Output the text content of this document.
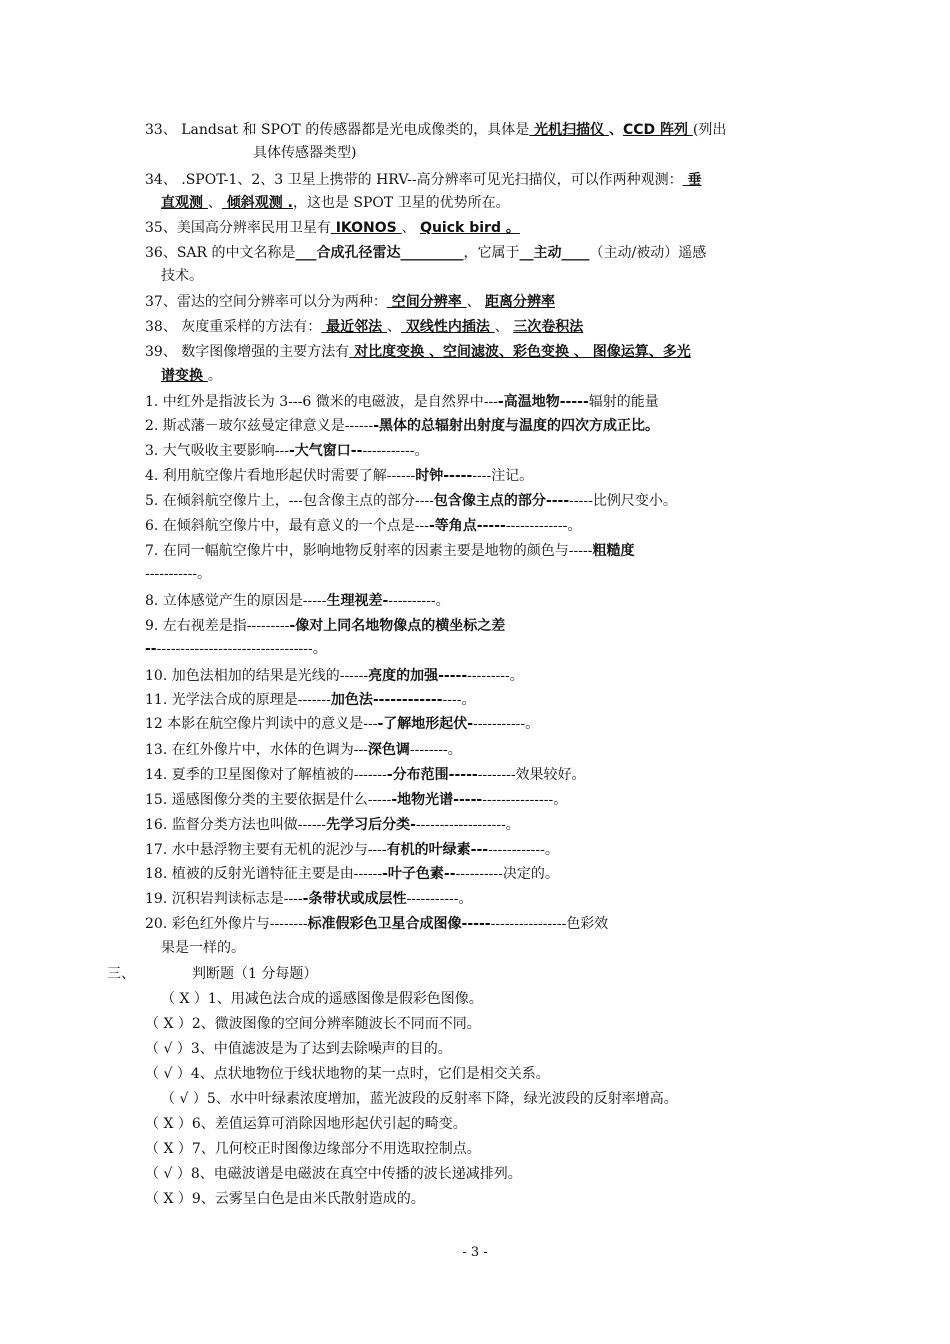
33、 Landsat 和 SPOT 的传感器都是光电成像类的，具体是 光机扫描仪 、CCD 阵列 (列出
具体传感器类型)
34、 .SPOT-1、2、3 卫星上携带的 HRV--高分辨率可见光扫描仪，可以作两种观测： 垂
直观测 、 倾斜观测 .，这也是 SPOT 卫星的优势所在。
35、美国高分辨率民用卫星有 IKONOS 、 Quick bird 。
36、SAR 的中文名称是___合成孔径雷达_________，它属于__主动____（主动/被动）遥感
技术。
37、雷达的空间分辨率可以分为两种： 空间分辨率 、 距离分辨率
38、 灰度重采样的方法有： 最近邻法 、 双线性内插法 、 三次卷积法
39、 数字图像增强的主要方法有 对比度变换 、空间滤波、彩色变换 、 图像运算、多光
谱变换 。
1. 中红外是指波长为 3---6 微米的电磁波，是自然界中----高温地物-----辐射的能量
2. 斯忒藩－玻尔兹曼定律意义是-------黑体的总辐射出射度与温度的四次方成正比。
3. 大气吸收主要影响----大气窗口-------------。
4. 利用航空像片看地形起伏时需要了解------时钟---------注记。
5. 在倾斜航空像片上，---包含像主点的部分----包含像主点的部分---------比例尺变小。
6. 在倾斜航空像片中，最有意义的一个点是----等角点------------------。
7. 在同一幅航空像片中，影响地物反射率的因素主要是地物的颜色与-----粗糙度
-----------。
8. 立体感觉产生的原因是-----生理视差-----------。
9. 左右视差是指----------像对上同名地物像点的横坐标之差
-----------------------------------。
10. 加色法相加的结果是光线的------亮度的加强--------------。
11. 光学法合成的原理是-------加色法----------------。
12 本影在航空像片判读中的意义是----了解地形起伏------------。
13. 在红外像片中，水体的色调为---深色调--------。
14. 夏季的卫星图像对了解植被的--------分布范围-------------效果较好。
15. 遥感图像分类的主要依据是什么------地物光谱--------------------。
16. 监督分类方法也叫做------先学习后分类--------------------。
17. 水中悬浮物主要有无机的泥沙与----有机的叶绿素---------------。
18. 植被的反射光谱特征主要是由-------叶子色素------------决定的。
19. 沉积岩判读标志是-----条带状或成层性-----------。
20. 彩色红外像片与--------标准假彩色卫星合成图像---------------------色彩效
果是一样的。
三、	判断题（1 分每题）
（ X ）1、用减色法合成的遥感图像是假彩色图像。
（ X ）2、微波图像的空间分辨率随波长不同而不同。
（ √ ）3、中值滤波是为了达到去除噪声的目的。
（ √ ）4、点状地物位于线状地物的某一点时，它们是相交关系。
（ √ ）5、水中叶绿素浓度增加，蓝光波段的反射率下降，绿光波段的反射率增高。
（ X ）6、差值运算可消除因地形起伏引起的畸变。
（ X ）7、几何校正时图像边缘部分不用选取控制点。
（ √ ）8、电磁波谱是电磁波在真空中传播的波长递减排列。
（ X ）9、云雾呈白色是由米氏散射造成的。
- 3 -
